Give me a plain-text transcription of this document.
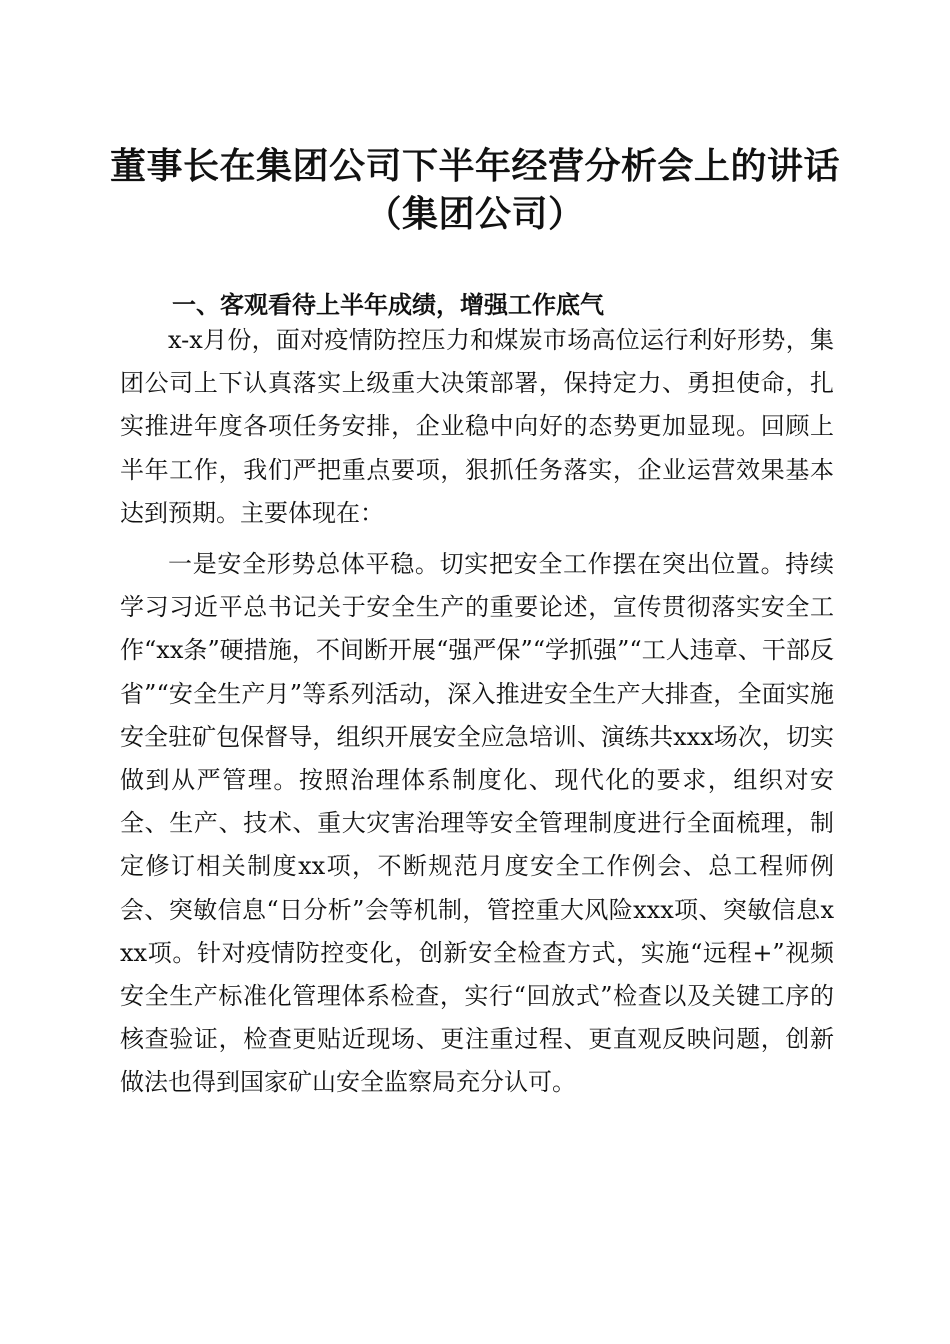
董事长在集团公司下半年经营分析会上的讲话
（集团公司）
一、客观看待上半年成绩，增强工作底气

x-x月份，面对疫情防控压力和煤炭市场高位运行利好形势，集团公司上下认真落实上级重大决策部署，保持定力、勇担使命，扎实推进年度各项任务安排，企业稳中向好的态势更加显现。回顾上半年工作，我们严把重点要项，狠抓任务落实，企业运营效果基本达到预期。主要体现在：

一是安全形势总体平稳。切实把安全工作摆在突出位置。持续学习习近平总书记关于安全生产的重要论述，宣传贯彻落实安全工作“xx条”硬措施，不间断开展“强严保”“学抓强”“工人违章、干部反省”“安全生产月”等系列活动，深入推进安全生产大排查，全面实施安全驻矿包保督导，组织开展安全应急培训、演练共xxx场次，切实做到从严管理。按照治理体系制度化、现代化的要求，组织对安全、生产、技术、重大灾害治理等安全管理制度进行全面梳理，制定修订相关制度xx项，不断规范月度安全工作例会、总工程师例会、突敏信息“日分析”会等机制，管控重大风险xxx项、突敏信息xxx项。针对疫情防控变化，创新安全检查方式，实施“远程+”视频安全生产标准化管理体系检查，实行“回放式”检查以及关键工序的核查验证，检查更贴近现场、更注重过程、更直观反映问题，创新做法也得到国家矿山安全监察局充分认可。
